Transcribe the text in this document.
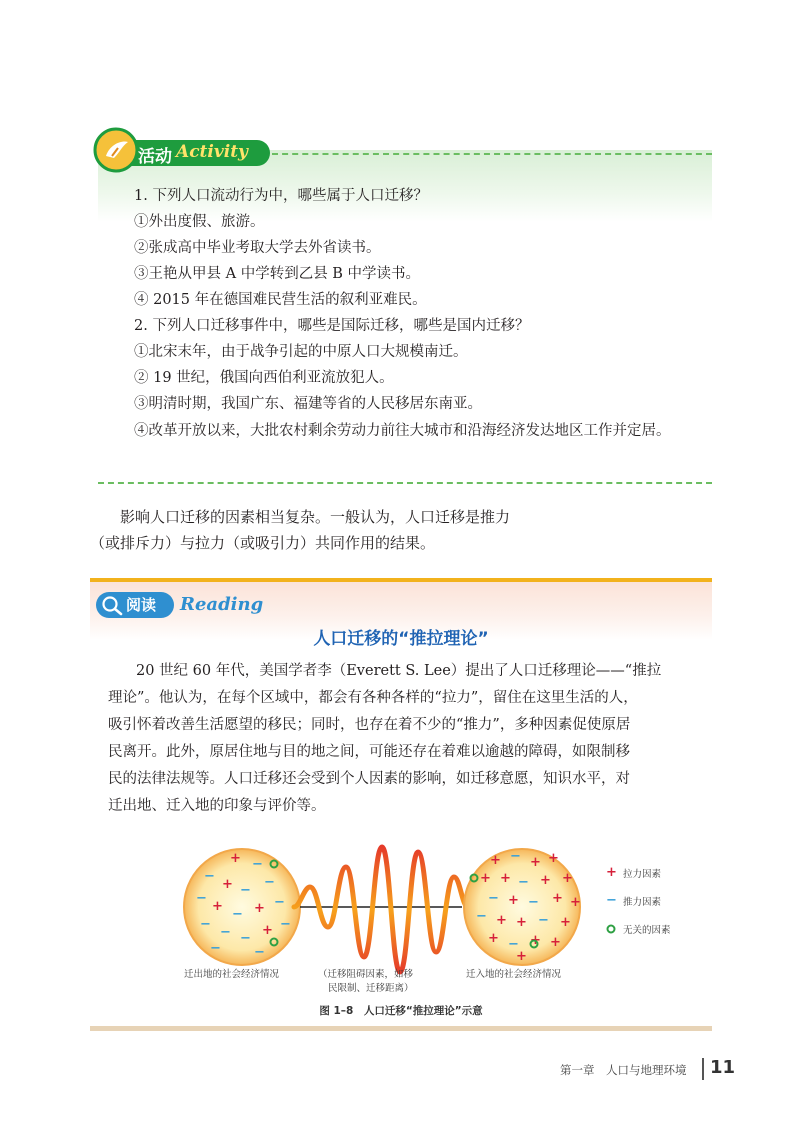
活动 Activity
1. 下列人口流动行为中，哪些属于人口迁移？
①外出度假、旅游。
②张成高中毕业考取大学去外省读书。
③王艳从甲县 A 中学转到乙县 B 中学读书。
④ 2015 年在德国难民营生活的叙利亚难民。
2. 下列人口迁移事件中，哪些是国际迁移，哪些是国内迁移？
①北宋末年，由于战争引起的中原人口大规模南迁。
② 19 世纪，俄国向西伯利亚流放犯人。
③明清时期，我国广东、福建等省的人民移居东南亚。
④改革开放以来，大批农村剩余劳动力前往大城市和沿海经济发达地区工作并定居。
影响人口迁移的因素相当复杂。一般认为，人口迁移是推力
（或排斥力）与拉力（或吸引力）共同作用的结果。
阅读 Reading
人口迁移的“推拉理论”
20 世纪 60 年代，美国学者李（Everett S. Lee）提出了人口迁移理论——“推拉
理论”。他认为，在每个区域中，都会有各种各样的“拉力”，留住在这里生活的人，
吸引怀着改善生活愿望的移民；同时，也存在着不少的“推力”，多种因素促使原居
民离开。此外，原居住地与目的地之间，可能还存在着难以逾越的障碍，如限制移
民的法律法规等。人口迁移还会受到个人因素的影响，如迁移意愿，知识水平，对
迁出地、迁入地的印象与评价等。
+ −
−
+ −
−
−
+
− + −
−
− −
+ −
−	−
+ − + +
+ + − + +
− + − + +
− + + − +
+ − + +
+
+
−
拉力因素
推力因素
无关的因素
迁出地的社会经济情况	（迁移阻碍因素，如移
民限制、迁移距离）
迁入地的社会经济情况
图 1–8　人口迁移“推拉理论”示意
第一章　人口与地理环境 11
